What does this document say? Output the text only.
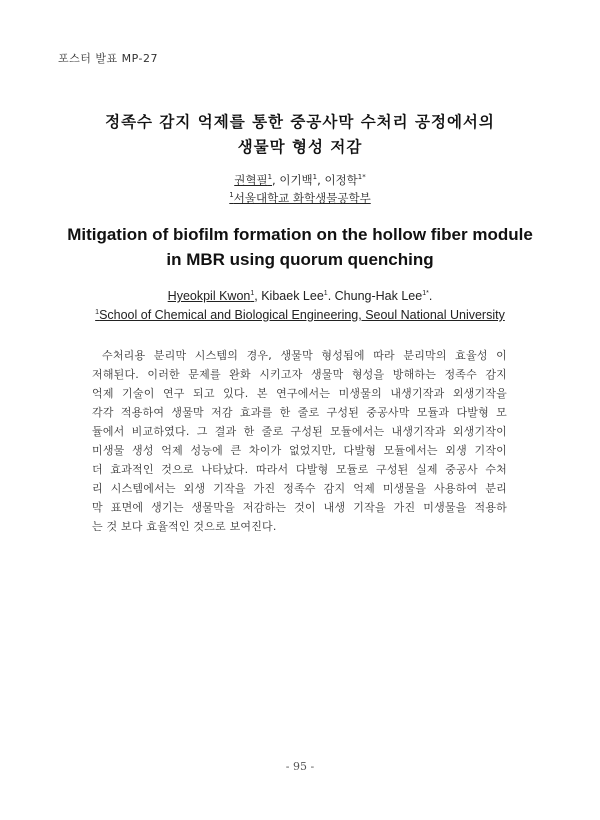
포스터 발표 MP-27
정족수 감지 억제를 통한 중공사막 수처리 공정에서의
생물막 형성 저감
권혁필$^1$, 이기백$^1$, 이정학$^{1*}$
$^1$서울대학교 화학생물공학부
Mitigation of biofilm formation on the hollow fiber module
in MBR using quorum quenching
Hyeokpil Kwon$^1$, Kibaek Lee$^1$. Chung-Hak Lee$^{1*}$.
$^1$School of Chemical and Biological Engineering, Seoul National University
수처리용 분리막 시스템의 경우, 생물막 형성됨에 따라 분리막의 효율성 이
저해된다. 이러한 문제를 완화 시키고자 생물막 형성을 방해하는 정족수 감지
억제 기술이 연구 되고 있다. 본 연구에서는 미생물의 내생기작과 외생기작을
각각 적용하여 생물막 저감 효과를 한 줄로 구성된 중공사막 모듈과 다발형 모
듈에서 비교하였다. 그 결과 한 줄로 구성된 모듈에서는 내생기작과 외생기작이
미생물 생성 억제 성능에 큰 차이가 없었지만, 다발형 모듈에서는 외생 기작이
더 효과적인 것으로 나타났다. 따라서 다발형 모듈로 구성된 실제 중공사 수처
리 시스템에서는 외생 기작을 가진 정족수 감지 억제 미생물을 사용하여 분리
막 표면에 생기는 생물막을 저감하는 것이 내생 기작을 가진 미생물을 적용하
는 것 보다 효율적인 것으로 보여진다.
- 95 -
